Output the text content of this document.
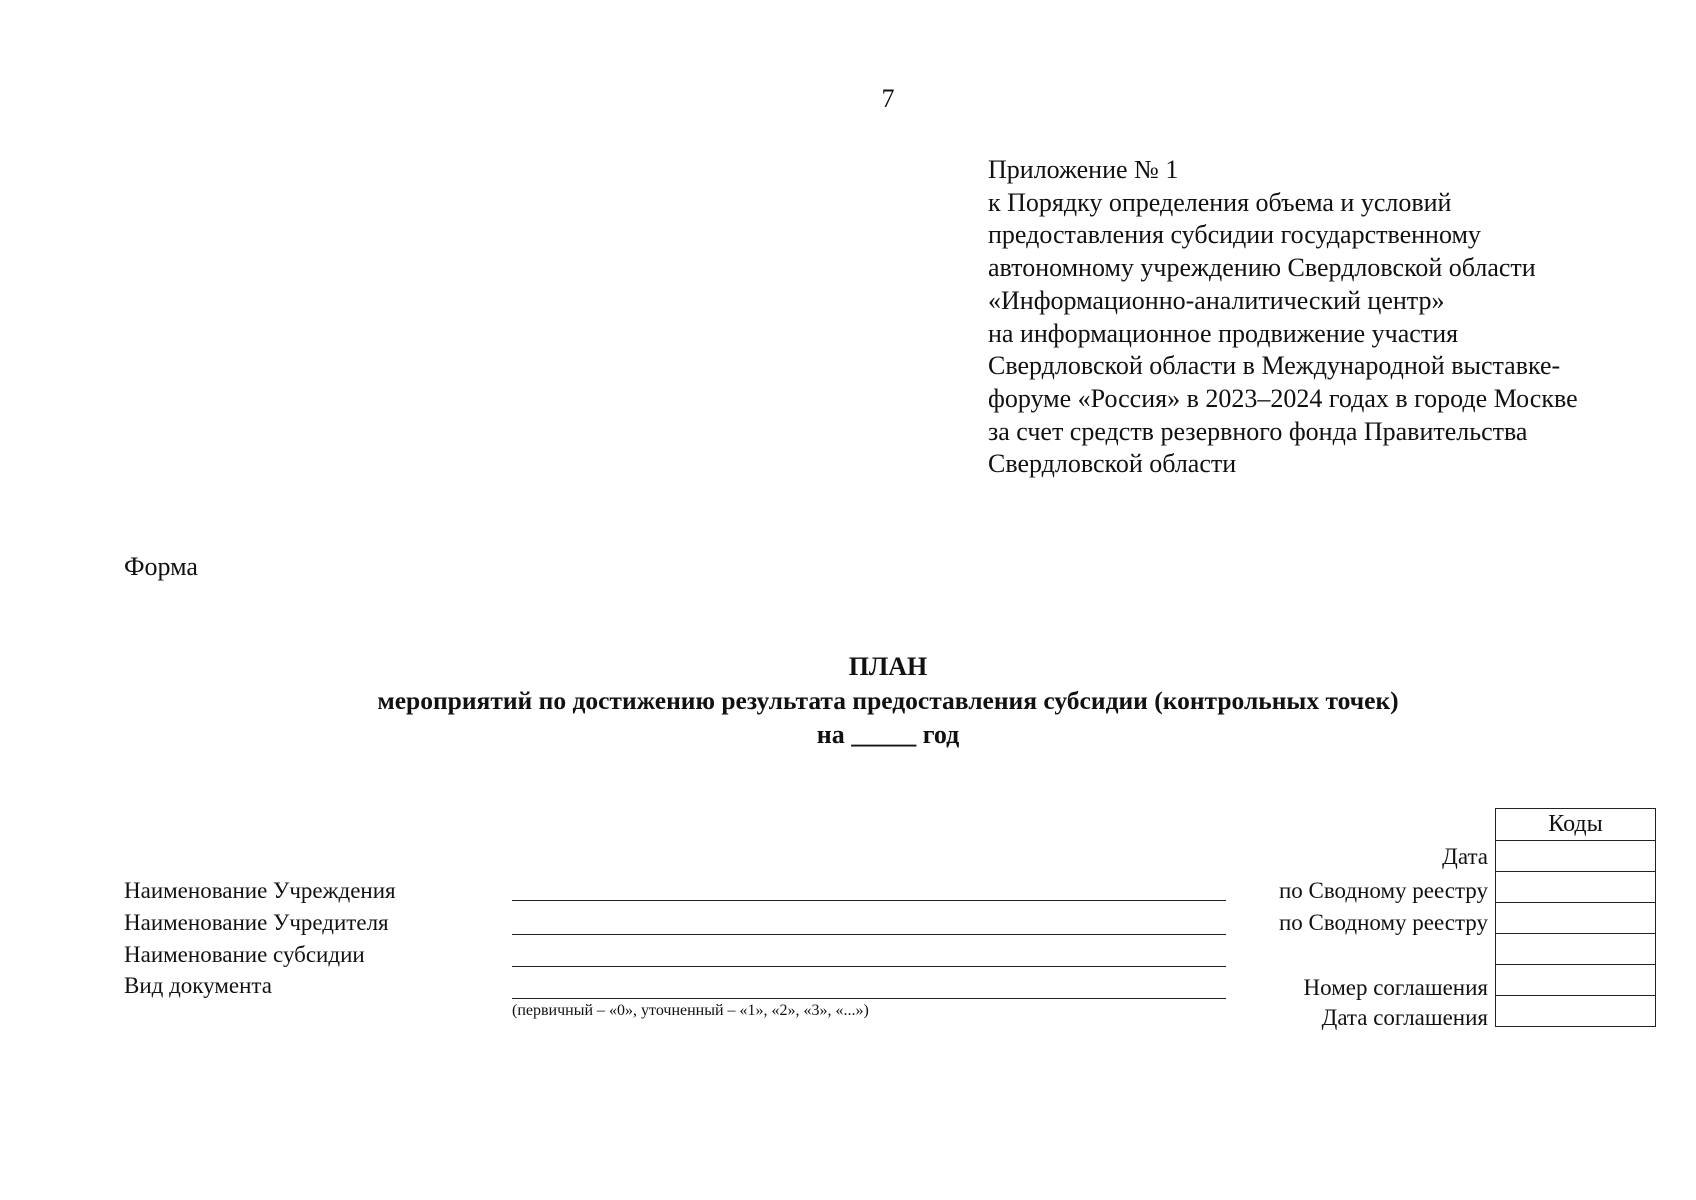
7
Приложение № 1
к Порядку определения объема и условий
предоставления субсидии государственному
автономному учреждению Свердловской области
«Информационно-аналитический центр»
на информационное продвижение участия
Свердловской области в Международной выставке-
форуме «Россия» в 2023–2024 годах в городе Москве
за счет средств резервного фонда Правительства
Свердловской области
Форма
ПЛАН
мероприятий по достижению результата предоставления субсидии (контрольных точек)
на _____ год
Наименование Учреждения
Наименование Учредителя
Наименование субсидии
Вид документа
(первичный – «0», уточненный – «1», «2», «3», «...»)
Дата
по Сводному реестру
по Сводному реестру
Номер соглашения
Дата соглашения
Коды
